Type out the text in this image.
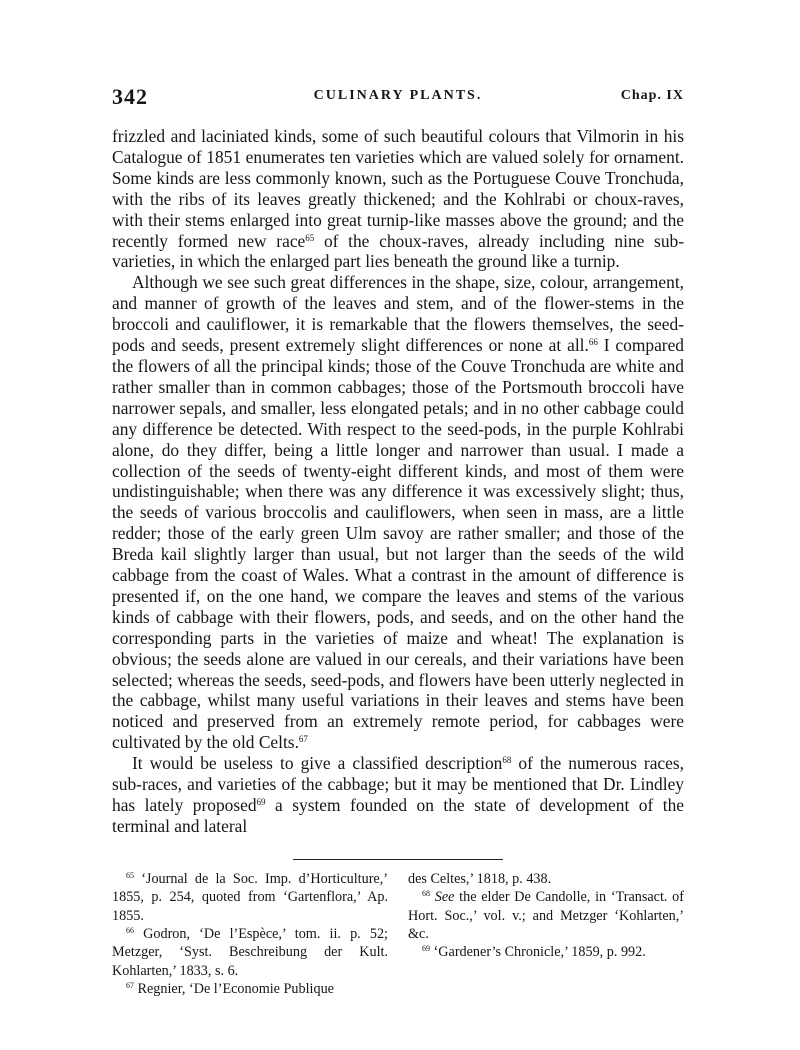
342	CULINARY PLANTS.	Chap. IX

frizzled and laciniated kinds, some of such beautiful colours that Vilmorin in his Catalogue of 1851 enumerates ten varieties which are valued solely for ornament. Some kinds are less commonly known, such as the Portuguese Couve Tronchuda, with the ribs of its leaves greatly thickened; and the Kohlrabi or choux-raves, with their stems enlarged into great turnip-like masses above the ground; and the recently formed new race$^{65}$ of the choux-raves, already including nine sub-varieties, in which the enlarged part lies beneath the ground like a turnip.

Although we see such great differences in the shape, size, colour, arrangement, and manner of growth of the leaves and stem, and of the flower-stems in the broccoli and cauliflower, it is remarkable that the flowers themselves, the seed-pods and seeds, present extremely slight differences or none at all.$^{66}$ I compared the flowers of all the principal kinds; those of the Couve Tronchuda are white and rather smaller than in common cabbages; those of the Portsmouth broccoli have narrower sepals, and smaller, less elongated petals; and in no other cabbage could any difference be detected. With respect to the seed-pods, in the purple Kohlrabi alone, do they differ, being a little longer and narrower than usual. I made a collection of the seeds of twenty-eight different kinds, and most of them were undistinguishable; when there was any difference it was excessively slight; thus, the seeds of various broccolis and cauliflowers, when seen in mass, are a little redder; those of the early green Ulm savoy are rather smaller; and those of the Breda kail slightly larger than usual, but not larger than the seeds of the wild cabbage from the coast of Wales. What a contrast in the amount of difference is presented if, on the one hand, we compare the leaves and stems of the various kinds of cabbage with their flowers, pods, and seeds, and on the other hand the corresponding parts in the varieties of maize and wheat! The explanation is obvious; the seeds alone are valued in our cereals, and their variations have been selected; whereas the seeds, seed-pods, and flowers have been utterly neglected in the cabbage, whilst many useful variations in their leaves and stems have been noticed and preserved from an extremely remote period, for cabbages were cultivated by the old Celts.$^{67}$

It would be useless to give a classified description$^{68}$ of the numerous races, sub-races, and varieties of the cabbage; but it may be mentioned that Dr. Lindley has lately proposed$^{69}$ a system founded on the state of development of the terminal and lateral

$^{65}$ ‘Journal de la Soc. Imp. d’Horticulture,’ 1855, p. 254, quoted from ‘Gartenflora,’ Ap. 1855.

$^{66}$ Godron, ‘De l’Espèce,’ tom. ii. p. 52; Metzger, ‘Syst. Beschreibung der Kult. Kohlarten,’ 1833, s. 6.

$^{67}$ Regnier, ‘De l’Economie Publique

des Celtes,’ 1818, p. 438.

$^{68}$ See the elder De Candolle, in ‘Transact. of Hort. Soc.,’ vol. v.; and Metzger ‘Kohlarten,’ &c.

$^{69}$ ‘Gardener’s Chronicle,’ 1859, p. 992.
